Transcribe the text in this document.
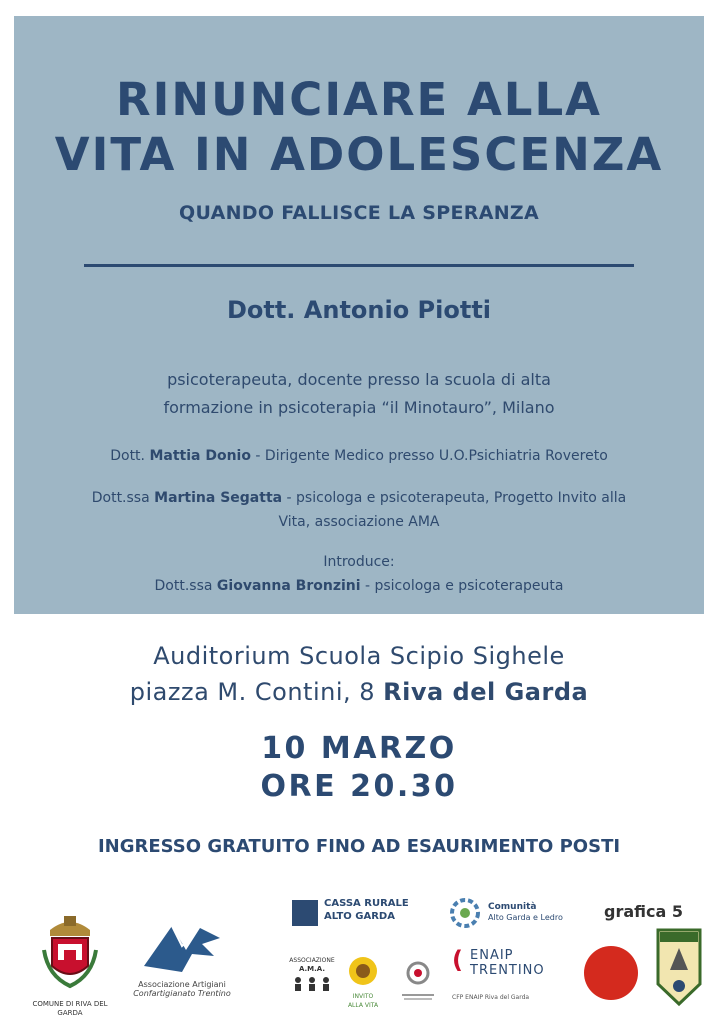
RINUNCIARE ALLA
VITA IN ADOLESCENZA
QUANDO FALLISCE LA SPERANZA
Dott. Antonio Piotti
psicoterapeuta, docente presso la scuola di alta
formazione in psicoterapia “il Minotauro”, Milano
Dott. Mattia Donio - Dirigente Medico presso U.O.Psichiatria Rovereto
Dott.ssa Martina Segatta - psicologa e psicoterapeuta, Progetto Invito alla
Vita, associazione AMA
Introduce:
Dott.ssa Giovanna Bronzini - psicologa e psicoterapeuta
Auditorium Scuola Scipio Sighele
piazza M. Contini, 8 Riva del Garda
10 MARZO
ORE 20.30
INGRESSO GRATUITO FINO AD ESAURIMENTO POSTI
COMUNE DI RIVA DEL GARDA
Associazione Artigiani
Confartigianato Trentino
CASSA RURALE
ALTO GARDA
Comunità
Alto Garda e Ledro	grafica 5
ASSOCIAZIONE
A.M.A.
INVITO
ALLA VITA
( ENAIP
TRENTINO
CFP ENAIP Riva del Garda
